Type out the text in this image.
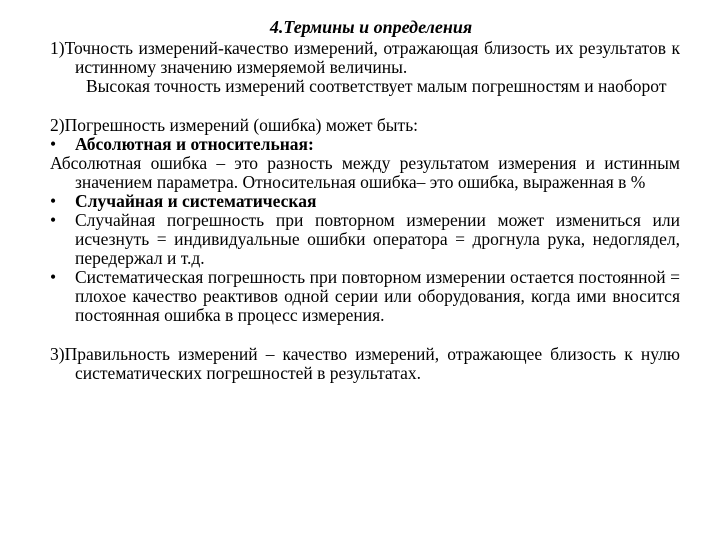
4.Термины и определения

1)Точность измерений-качество измерений, отражающая близость их результатов к истинному значению измеряемой величины.

Высокая точность измерений соответствует малым погрешностям и наоборот

2)Погрешность измерений (ошибка) может быть:

•	Абсолютная и относительная:

Абсолютная ошибка – это разность между результатом измерения и истинным значением параметра. Относительная ошибка– это ошибка, выраженная в %

•	Случайная и систематическая

•	Случайная погрешность при повторном измерении может измениться или исчезнуть = индивидуальные ошибки оператора = дрогнула рука, недоглядел, передержал и т.д.

•	Систематическая погрешность при повторном измерении остается постоянной = плохое качество реактивов одной серии или оборудования, когда ими вносится постоянная ошибка в процесс измерения.

3)Правильность измерений – качество измерений, отражающее близость к нулю систематических погрешностей в результатах.
